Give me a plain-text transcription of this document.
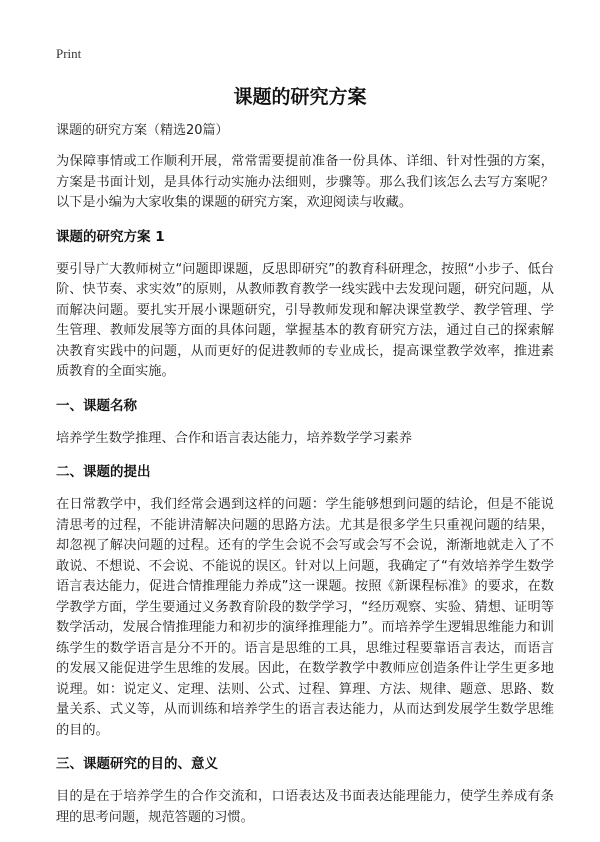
Print
课题的研究方案
课题的研究方案（精选20篇）

为保障事情或工作顺利开展，常常需要提前准备一份具体、详细、针对性强的方案，方案是书面计划，是具体行动实施办法细则，步骤等。那么我们该怎么去写方案呢？以下是小编为大家收集的课题的研究方案，欢迎阅读与收藏。

课题的研究方案 1

要引导广大教师树立“问题即课题，反思即研究”的教育科研理念，按照“小步子、低台阶、快节奏、求实效”的原则，从教师教育教学一线实践中去发现问题，研究问题，从而解决问题。要扎实开展小课题研究，引导教师发现和解决课堂教学、教学管理、学生管理、教师发展等方面的具体问题，掌握基本的教育研究方法，通过自己的探索解决教育实践中的问题，从而更好的促进教师的专业成长，提高课堂教学效率，推进素质教育的全面实施。

一、课题名称

培养学生数学推理、合作和语言表达能力，培养数学学习素养

二、课题的提出

在日常教学中，我们经常会遇到这样的问题：学生能够想到问题的结论，但是不能说清思考的过程，不能讲清解决问题的思路方法。尤其是很多学生只重视问题的结果，却忽视了解决问题的过程。还有的学生会说不会写或会写不会说，渐渐地就走入了不敢说、不想说、不会说、不能说的误区。针对以上问题，我确定了“有效培养学生数学语言表达能力，促进合情推理能力养成”这一课题。按照《新课程标准》的要求，在数学教学方面，学生要通过义务教育阶段的数学学习，“经历观察、实验、猜想、证明等数学活动，发展合情推理能力和初步的演绎推理能力”。而培养学生逻辑思维能力和训练学生的数学语言是分不开的。语言是思维的工具，思维过程要靠语言表达，而语言的发展又能促进学生思维的发展。因此，在数学教学中教师应创造条件让学生更多地说理。如：说定义、定理、法则、公式、过程、算理、方法、规律、题意、思路、数量关系、式义等，从而训练和培养学生的语言表达能力，从而达到发展学生数学思维的目的。

三、课题研究的目的、意义

目的是在于培养学生的合作交流和，口语表达及书面表达能理能力，使学生养成有条理的思考问题，规范答题的习惯。
